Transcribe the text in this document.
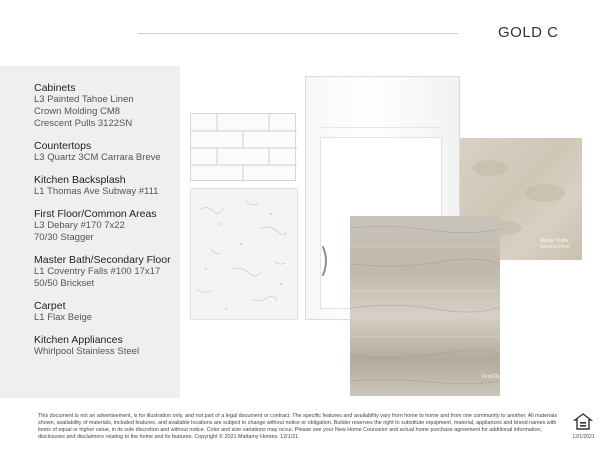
GOLD C
Cabinets
L3 Painted Tahoe Linen
Crown Molding CM8
Crescent Pulls 3122SN
Countertops
L3 Quartz 3CM Carrara Breve
Kitchen Backsplash
L1 Thomas Ave Subway #111
First Floor/Common Areas
L3 Debary #170 7x22
70/30 Stagger
Master Bath/Secondary Floor
L1 Coventry Falls #100 17x17
50/50 Brickset
Carpet
L1 Flax Beige
Kitchen Appliances
Whirlpool Stainless Steel
Master Bath/ Second Floor
First Floor/ Common Areas
This document is not an advertisement, is for illustration only, and not part of a legal document or contract. The specific features and availability vary from home to home and from one community to another. All materials shown, availability of materials, included features, and available locations are subject to change without notice or obligation. Builder reserves the right to substitute equipment, material, appliances and brand names with items of equal or higher value, in its sole discretion and without notice. Color and size variations may occur. Please see your New Home Counselor and actual home purchase agreement for additional information, disclosures and disclaimers relating to the home and its features. Copyright © 2021 Mattamy Homes. 12/1/21.	12/1/2021
